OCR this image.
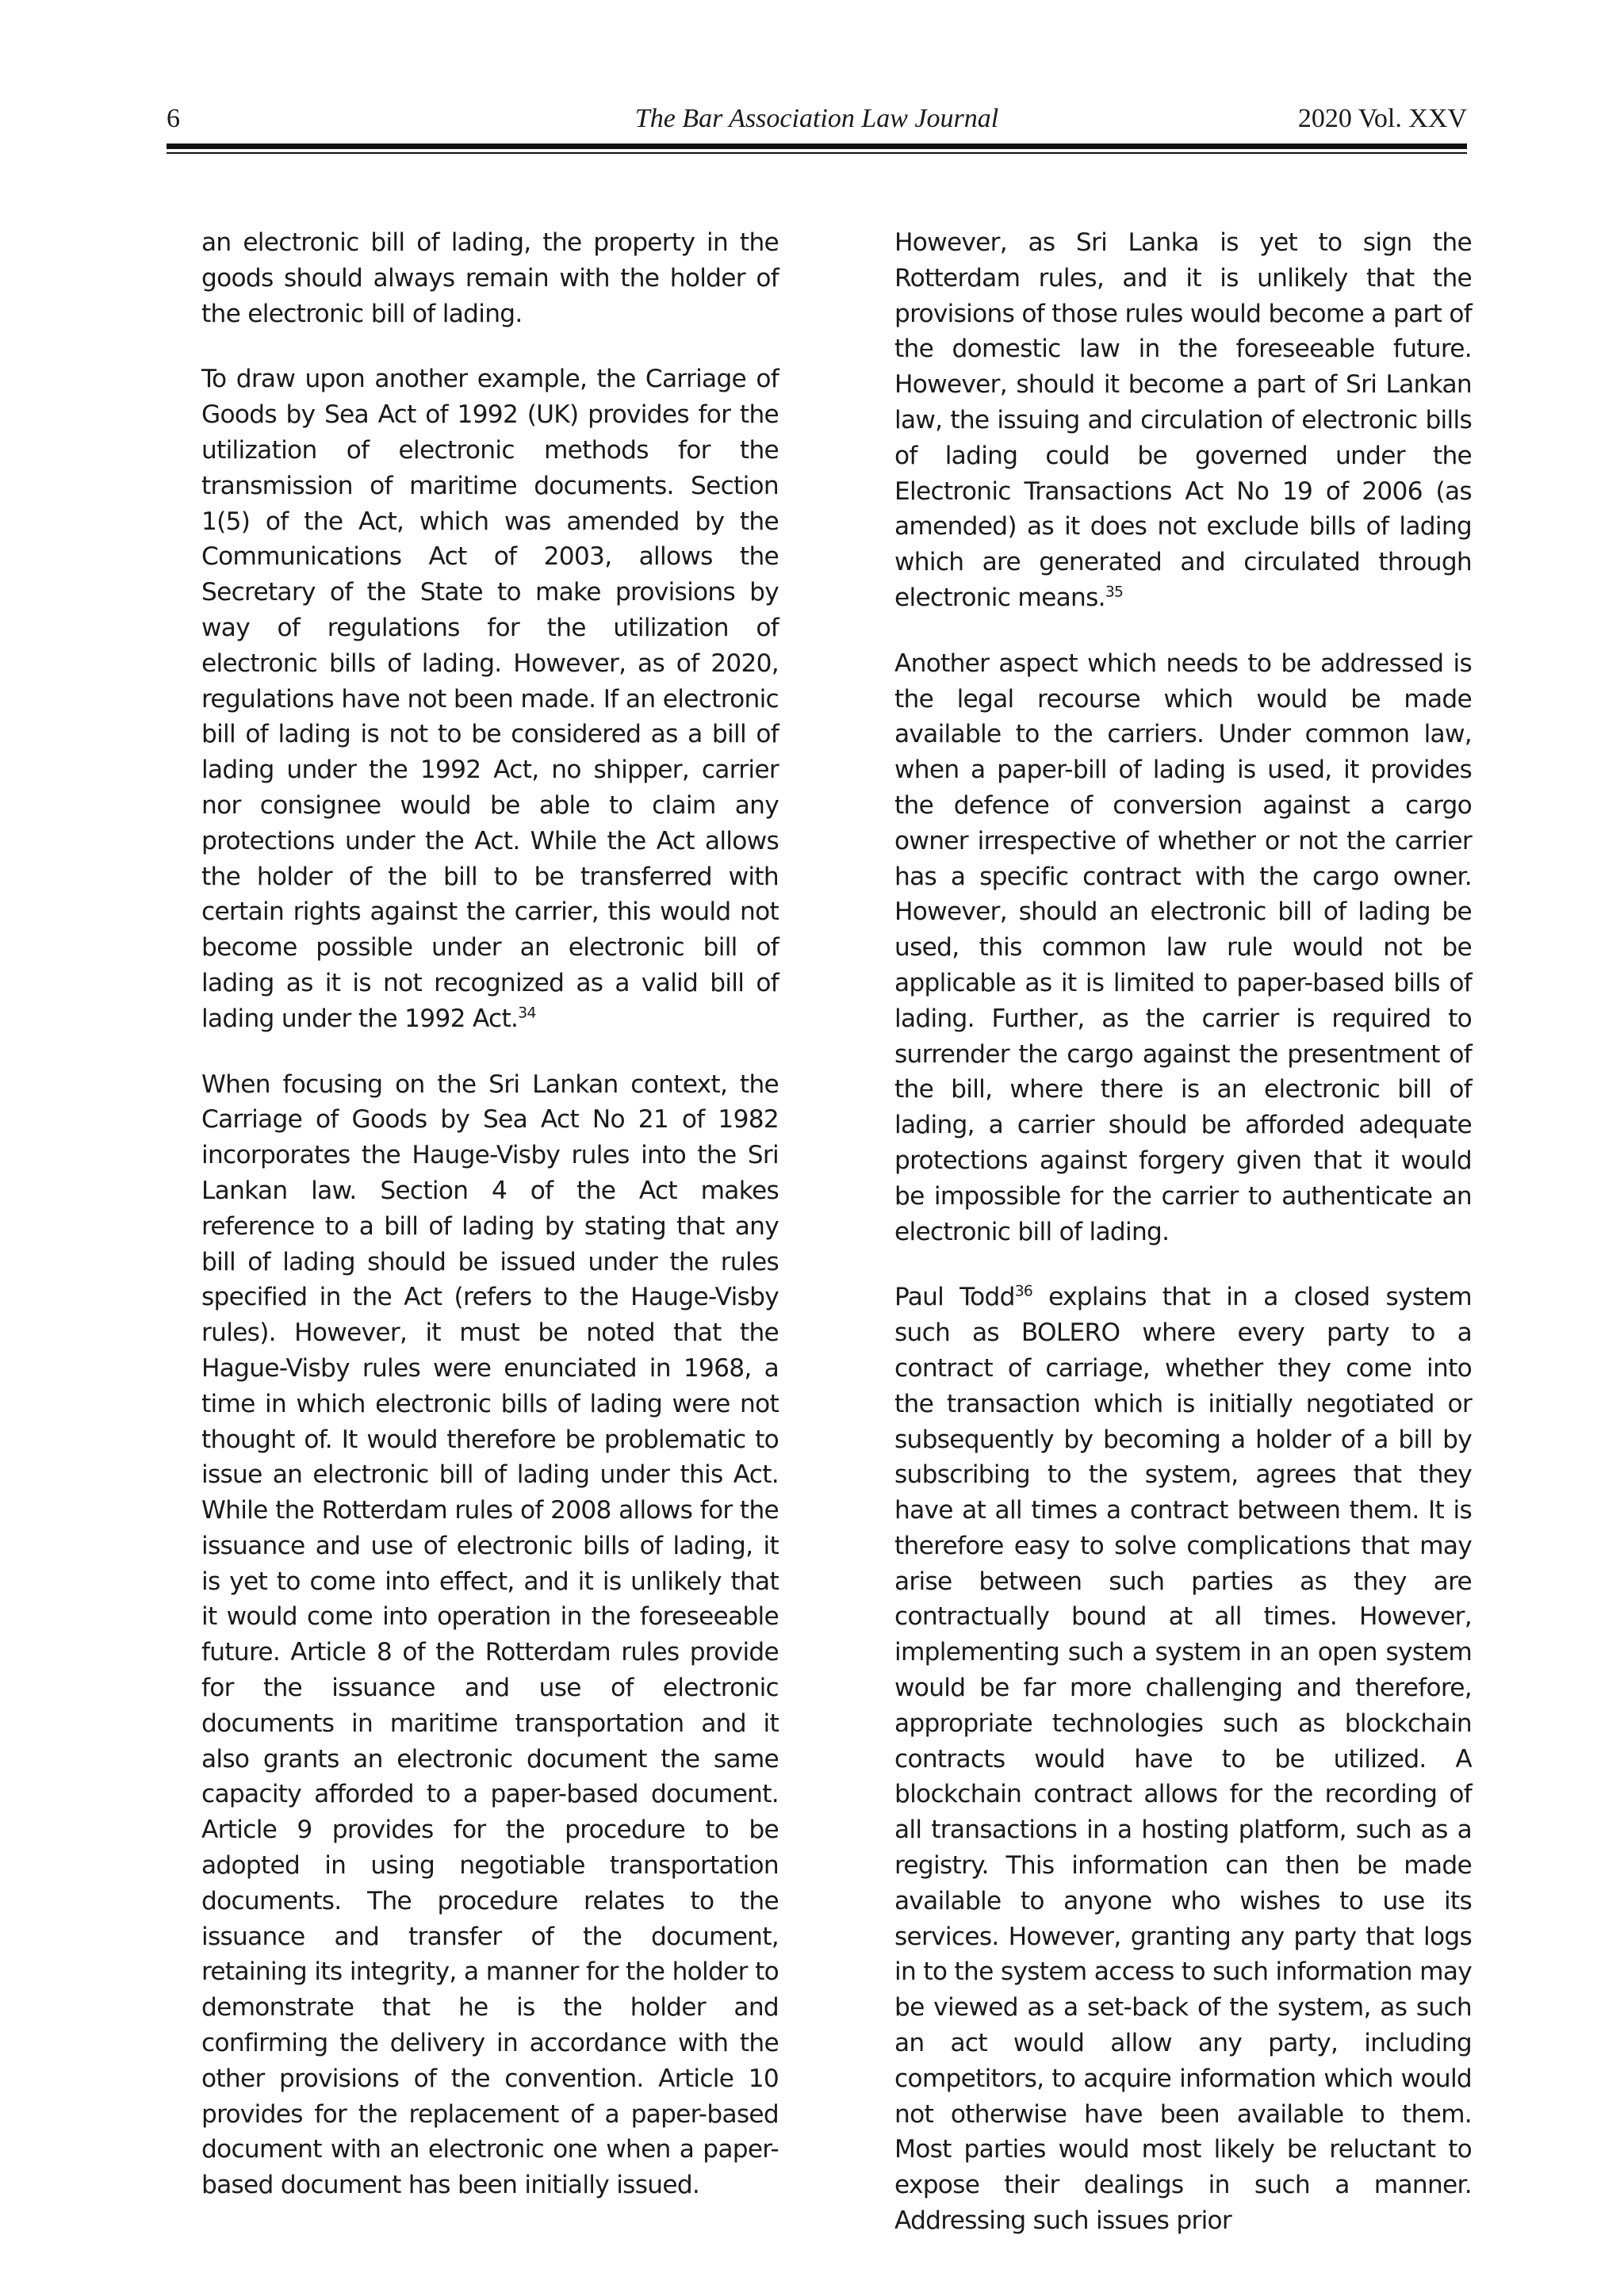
6	The Bar Association Law Journal	2020 Vol. XXV

an electronic bill of lading, the property in the goods should always remain with the holder of the electronic bill of lading.

To draw upon another example, the Carriage of Goods by Sea Act of 1992 (UK) provides for the utilization of electronic methods for the transmission of maritime documents. Section 1(5) of the Act, which was amended by the Communications Act of 2003, allows the Secretary of the State to make provisions by way of regulations for the utilization of electronic bills of lading. However, as of 2020, regulations have not been made. If an electronic bill of lading is not to be considered as a bill of lading under the 1992 Act, no shipper, carrier nor consignee would be able to claim any protections under the Act. While the Act allows the holder of the bill to be transferred with certain rights against the carrier, this would not become possible under an electronic bill of lading as it is not recognized as a valid bill of lading under the 1992 Act.$^{34}$

When focusing on the Sri Lankan context, the Carriage of Goods by Sea Act No 21 of 1982 incorporates the Hauge-Visby rules into the Sri Lankan law. Section 4 of the Act makes reference to a bill of lading by stating that any bill of lading should be issued under the rules specified in the Act (refers to the Hauge-Visby rules). However, it must be noted that the Hague-Visby rules were enunciated in 1968, a time in which electronic bills of lading were not thought of. It would therefore be problematic to issue an electronic bill of lading under this Act. While the Rotterdam rules of 2008 allows for the issuance and use of electronic bills of lading, it is yet to come into effect, and it is unlikely that it would come into operation in the foreseeable future. Article 8 of the Rotterdam rules provide for the issuance and use of electronic documents in maritime transportation and it also grants an electronic document the same capacity afforded to a paper-based document. Article 9 provides for the procedure to be adopted in using negotiable transportation documents. The procedure relates to the issuance and transfer of the document, retaining its integrity, a manner for the holder to demonstrate that he is the holder and confirming the delivery in accordance with the other provisions of the convention. Article 10 provides for the replacement of a paper-based document with an electronic one when a paper-based document has been initially issued.

However, as Sri Lanka is yet to sign the Rotterdam rules, and it is unlikely that the provisions of those rules would become a part of the domestic law in the foreseeable future. However, should it become a part of Sri Lankan law, the issuing and circulation of electronic bills of lading could be governed under the Electronic Transactions Act No 19 of 2006 (as amended) as it does not exclude bills of lading which are generated and circulated through electronic means.$^{35}$

Another aspect which needs to be addressed is the legal recourse which would be made available to the carriers. Under common law, when a paper-bill of lading is used, it provides the defence of conversion against a cargo owner irrespective of whether or not the carrier has a specific contract with the cargo owner. However, should an electronic bill of lading be used, this common law rule would not be applicable as it is limited to paper-based bills of lading. Further, as the carrier is required to surrender the cargo against the presentment of the bill, where there is an electronic bill of lading, a carrier should be afforded adequate protections against forgery given that it would be impossible for the carrier to authenticate an electronic bill of lading.

Paul Todd$^{36}$ explains that in a closed system such as BOLERO where every party to a contract of carriage, whether they come into the transaction which is initially negotiated or subsequently by becoming a holder of a bill by subscribing to the system, agrees that they have at all times a contract between them. It is therefore easy to solve complications that may arise between such parties as they are contractually bound at all times. However, implementing such a system in an open system would be far more challenging and therefore, appropriate technologies such as blockchain contracts would have to be utilized. A blockchain contract allows for the recording of all transactions in a hosting platform, such as a registry. This information can then be made available to anyone who wishes to use its services. However, granting any party that logs in to the system access to such information may be viewed as a set-back of the system, as such an act would allow any party, including competitors, to acquire information which would not otherwise have been available to them. Most parties would most likely be reluctant to expose their dealings in such a manner. Addressing such issues prior
